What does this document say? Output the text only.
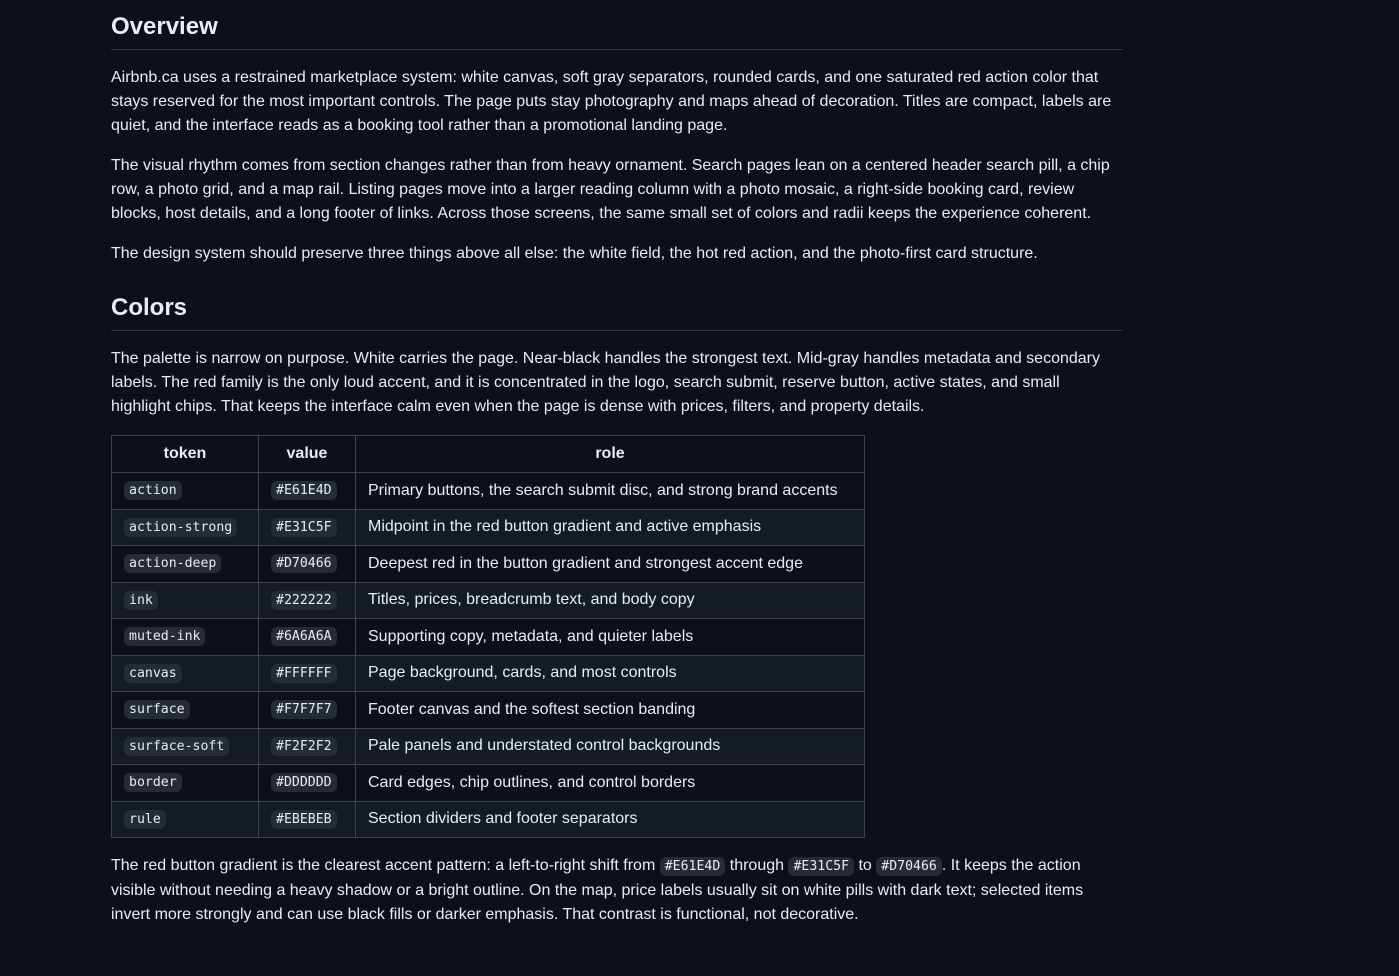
Overview

Airbnb.ca uses a restrained marketplace system: white canvas, soft gray separators, rounded cards, and one saturated red action color that stays reserved for the most important controls. The page puts stay photography and maps ahead of decoration. Titles are compact, labels are quiet, and the interface reads as a booking tool rather than a promotional landing page.

The visual rhythm comes from section changes rather than from heavy ornament. Search pages lean on a centered header search pill, a chip row, a photo grid, and a map rail. Listing pages move into a larger reading column with a photo mosaic, a right-side booking card, review blocks, host details, and a long footer of links. Across those screens, the same small set of colors and radii keeps the experience coherent.

The design system should preserve three things above all else: the white field, the hot red action, and the photo-first card structure.

Colors

The palette is narrow on purpose. White carries the page. Near-black handles the strongest text. Mid-gray handles metadata and secondary labels. The red family is the only loud accent, and it is concentrated in the logo, search submit, reserve button, active states, and small highlight chips. That keeps the interface calm even when the page is dense with prices, filters, and property details.

token	value	role
action	#E61E4D	Primary buttons, the search submit disc, and strong brand accents
action-strong	#E31C5F	Midpoint in the red button gradient and active emphasis
action-deep	#D70466	Deepest red in the button gradient and strongest accent edge
ink	#222222	Titles, prices, breadcrumb text, and body copy
muted-ink	#6A6A6A	Supporting copy, metadata, and quieter labels
canvas	#FFFFFF	Page background, cards, and most controls
surface	#F7F7F7	Footer canvas and the softest section banding
surface-soft	#F2F2F2	Pale panels and understated control backgrounds
border	#DDDDDD	Card edges, chip outlines, and control borders
rule	#EBEBEB	Section dividers and footer separators

The red button gradient is the clearest accent pattern: a left-to-right shift from #E61E4D through #E31C5F to #D70466 . It keeps the action visible without needing a heavy shadow or a bright outline. On the map, price labels usually sit on white pills with dark text; selected items invert more strongly and can use black fills or darker emphasis. That contrast is functional, not decorative.
